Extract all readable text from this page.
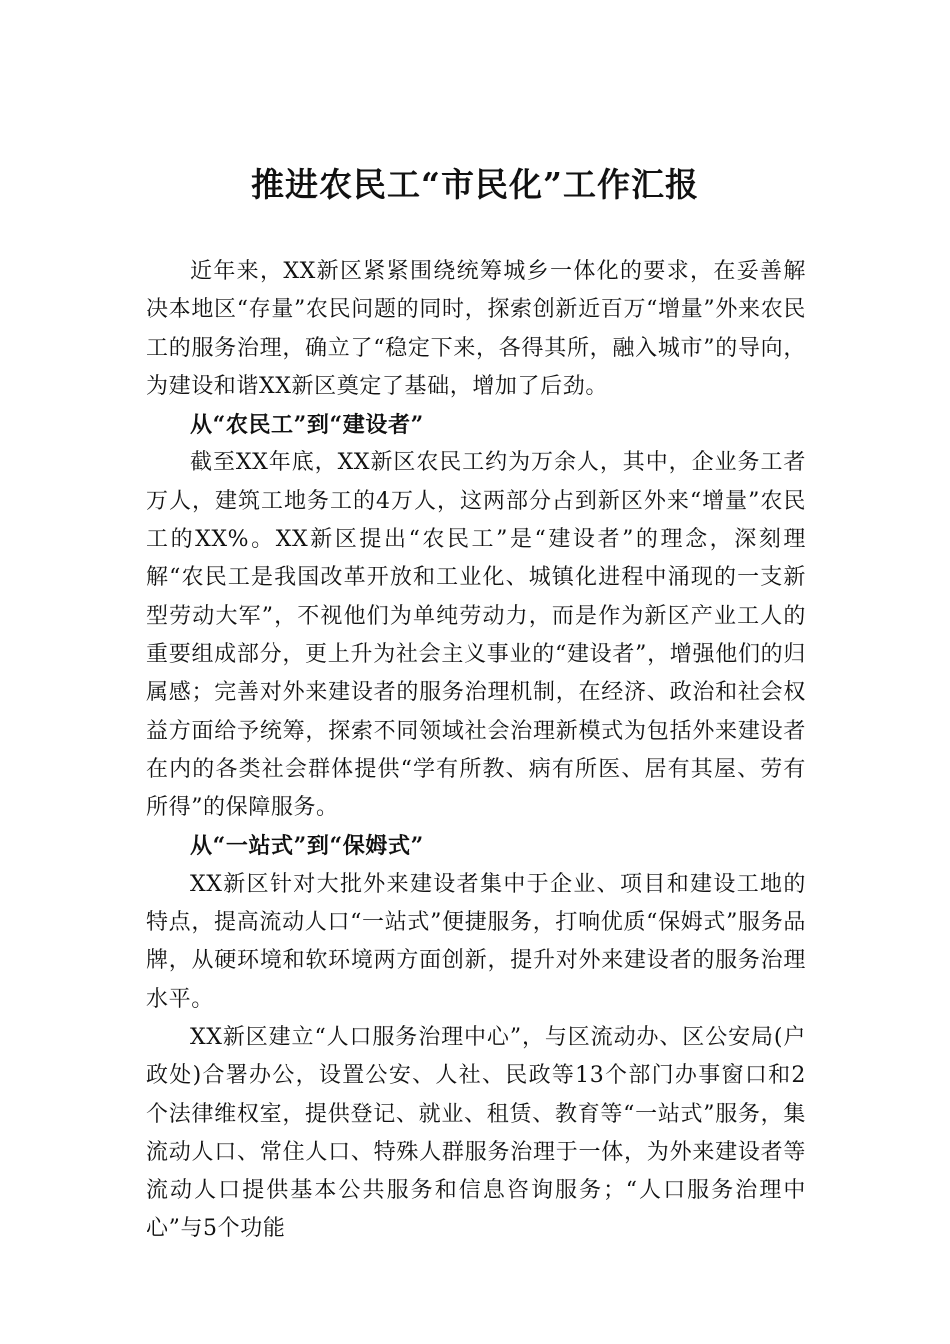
推进农民工“市民化”工作汇报

近年来，XX新区紧紧围绕统筹城乡一体化的要求，在妥善解决本地区“存量”农民问题的同时，探索创新近百万“增量”外来农民工的服务治理，确立了“稳定下来，各得其所，融入城市”的导向，为建设和谐XX新区奠定了基础，增加了后劲。

从“农民工”到“建设者”

截至XX年底，XX新区农民工约为万余人，其中，企业务工者万人，建筑工地务工的4万人，这两部分占到新区外来“增量”农民工的XX%。XX新区提出“农民工”是“建设者”的理念，深刻理解“农民工是我国改革开放和工业化、城镇化进程中涌现的一支新型劳动大军”，不视他们为单纯劳动力，而是作为新区产业工人的重要组成部分，更上升为社会主义事业的“建设者”，增强他们的归属感；完善对外来建设者的服务治理机制，在经济、政治和社会权益方面给予统筹，探索不同领域社会治理新模式为包括外来建设者在内的各类社会群体提供“学有所教、病有所医、居有其屋、劳有所得”的保障服务。

从“一站式”到“保姆式”

XX新区针对大批外来建设者集中于企业、项目和建设工地的特点，提高流动人口“一站式”便捷服务，打响优质“保姆式”服务品牌，从硬环境和软环境两方面创新，提升对外来建设者的服务治理水平。

XX新区建立“人口服务治理中心”，与区流动办、区公安局(户政处)合署办公，设置公安、人社、民政等13个部门办事窗口和2个法律维权室，提供登记、就业、租赁、教育等“一站式”服务，集流动人口、常住人口、特殊人群服务治理于一体，为外来建设者等流动人口提供基本公共服务和信息咨询服务；“人口服务治理中心”与5个功能
